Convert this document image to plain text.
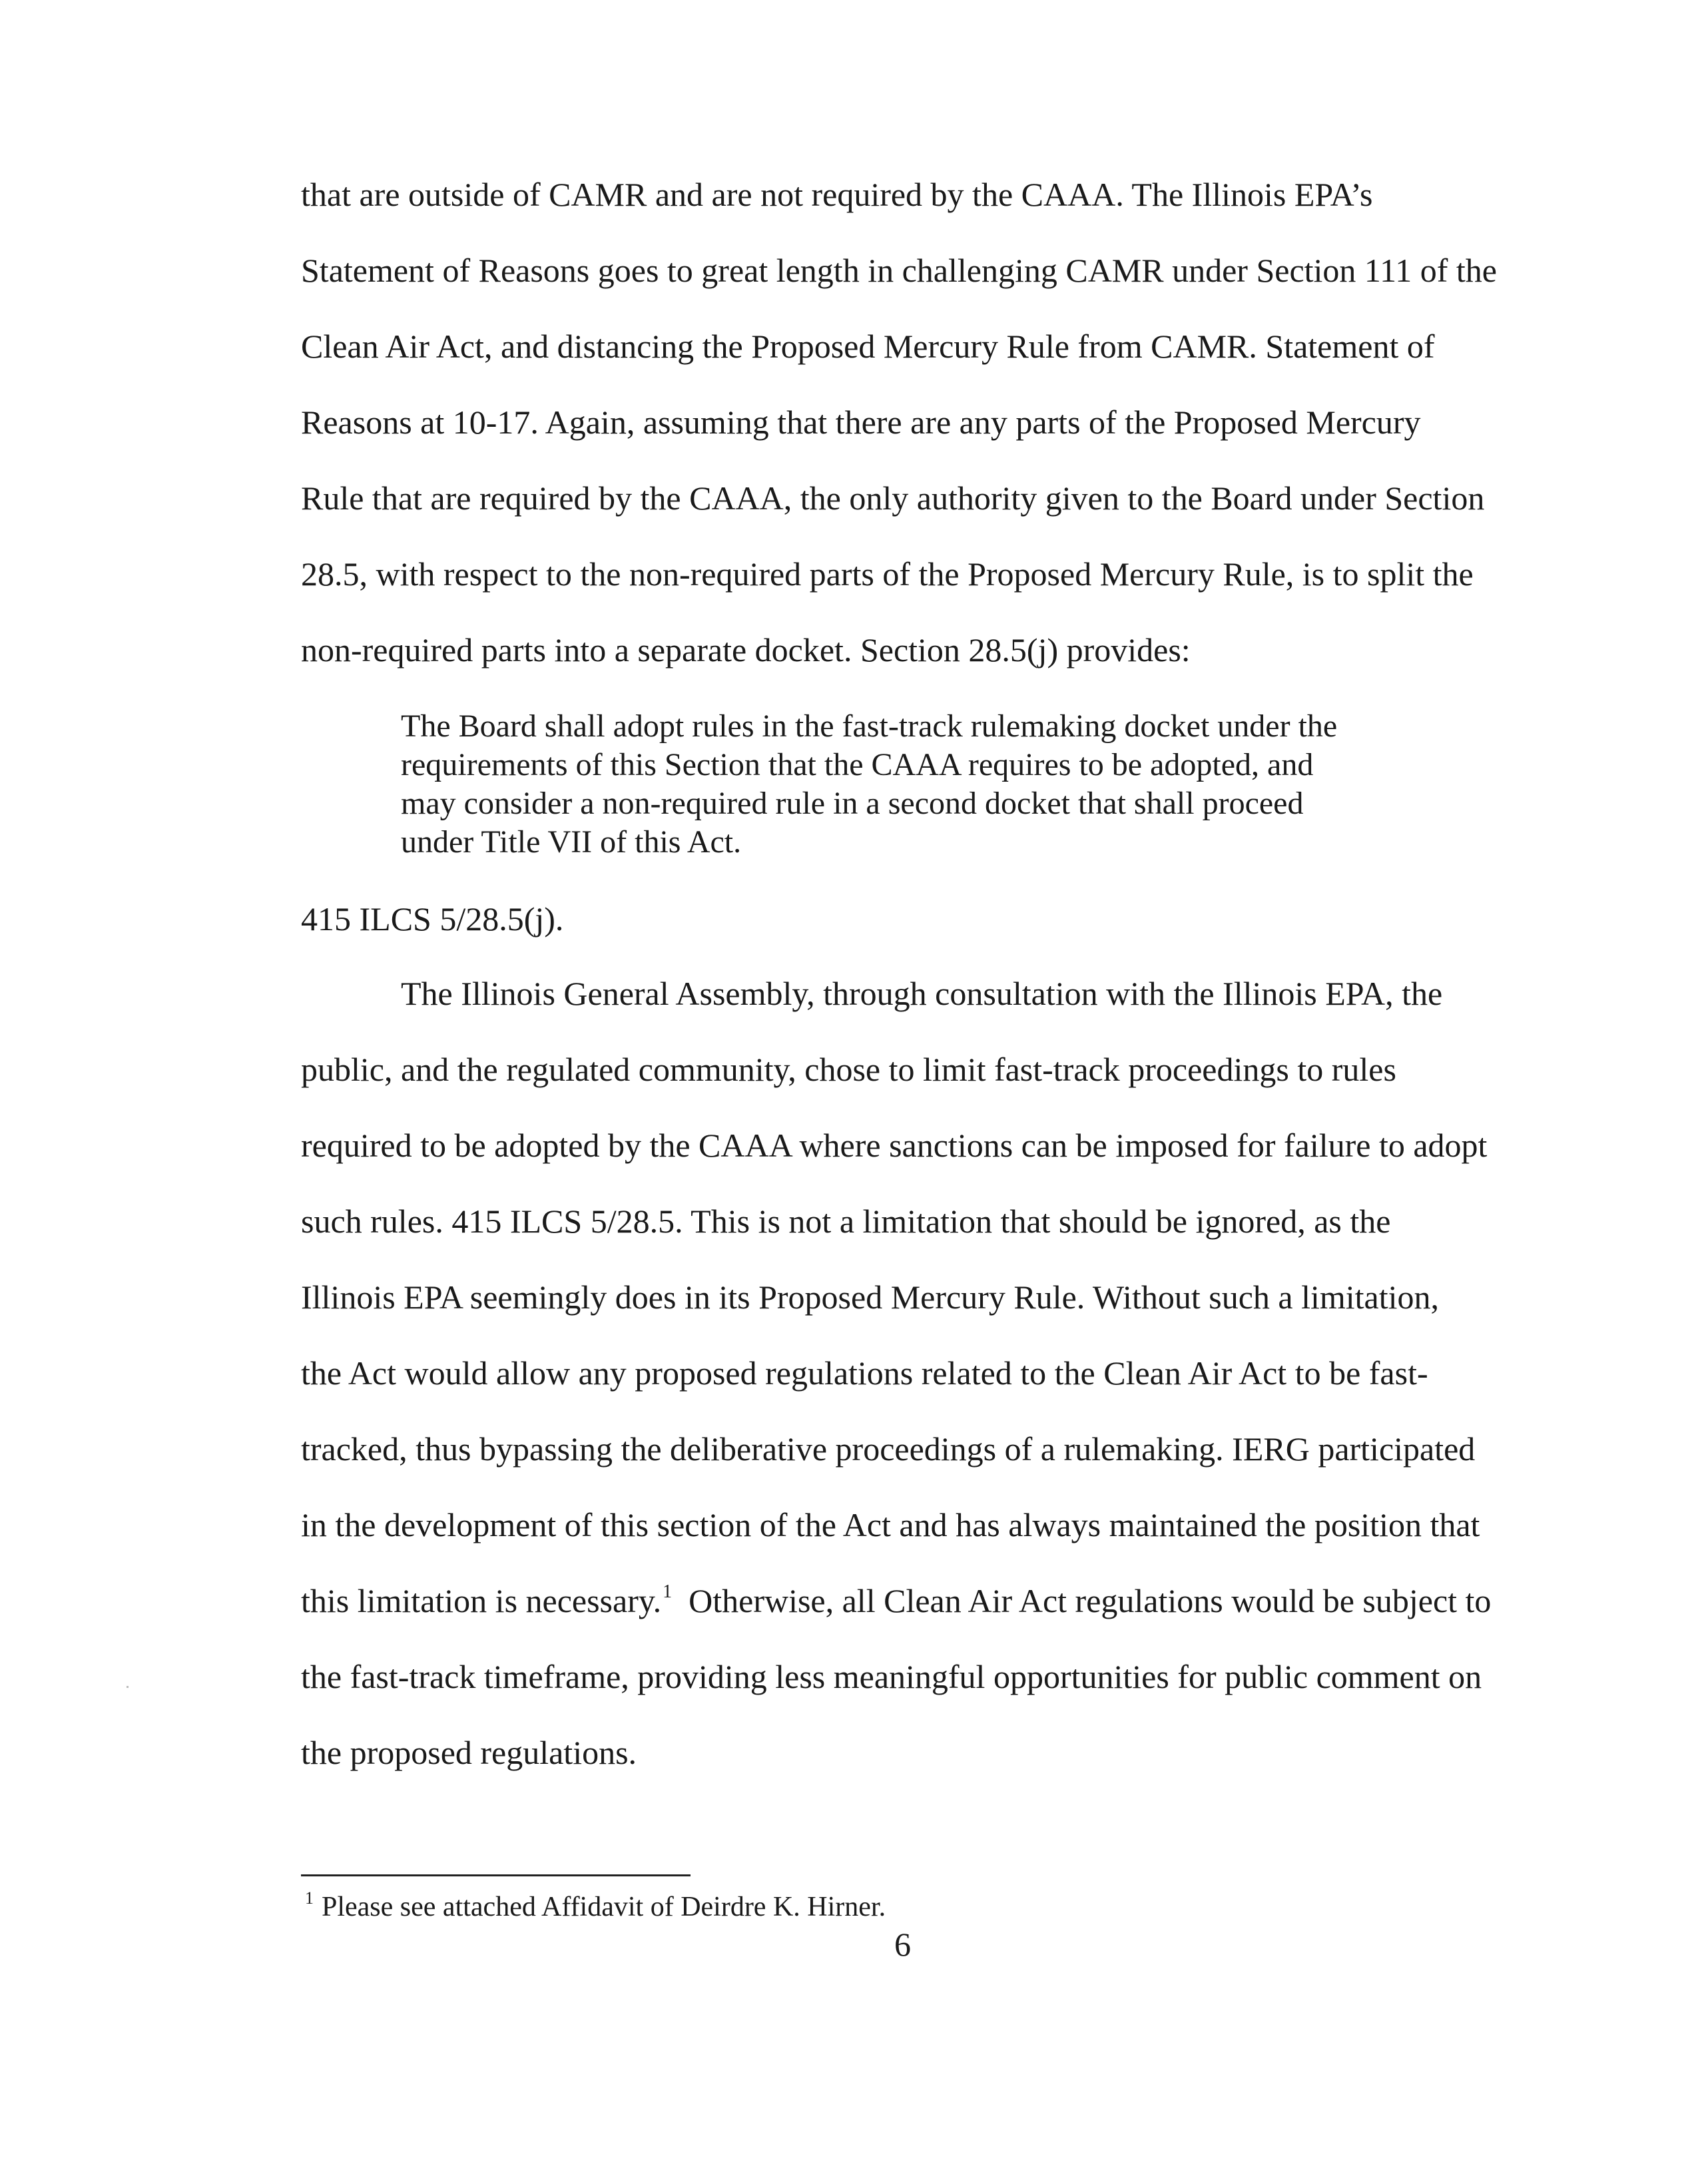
that are outside of CAMR and are not required by the CAAA. The Illinois EPA’s
Statement of Reasons goes to great length in challenging CAMR under Section 111 of the
Clean Air Act, and distancing the Proposed Mercury Rule from CAMR. Statement of
Reasons at 10-17. Again, assuming that there are any parts of the Proposed Mercury
Rule that are required by the CAAA, the only authority given to the Board under Section
28.5, with respect to the non-required parts of the Proposed Mercury Rule, is to split the
non-required parts into a separate docket. Section 28.5(j) provides:
The Board shall adopt rules in the fast-track rulemaking docket under the
requirements of this Section that the CAAA requires to be adopted, and
may consider a non-required rule in a second docket that shall proceed
under Title VII of this Act.
415 ILCS 5/28.5(j).
The Illinois General Assembly, through consultation with the Illinois EPA, the
public, and the regulated community, chose to limit fast-track proceedings to rules
required to be adopted by the CAAA where sanctions can be imposed for failure to adopt
such rules. 415 ILCS 5/28.5. This is not a limitation that should be ignored, as the
Illinois EPA seemingly does in its Proposed Mercury Rule. Without such a limitation,
the Act would allow any proposed regulations related to the Clean Air Act to be fast-
tracked, thus bypassing the deliberative proceedings of a rulemaking. IERG participated
in the development of this section of the Act and has always maintained the position that
this limitation is necessary.$^1$  Otherwise, all Clean Air Act regulations would be subject to
the fast-track timeframe, providing less meaningful opportunities for public comment on
the proposed regulations.
$^1$ Please see attached Affidavit of Deirdre K. Hirner.
6
